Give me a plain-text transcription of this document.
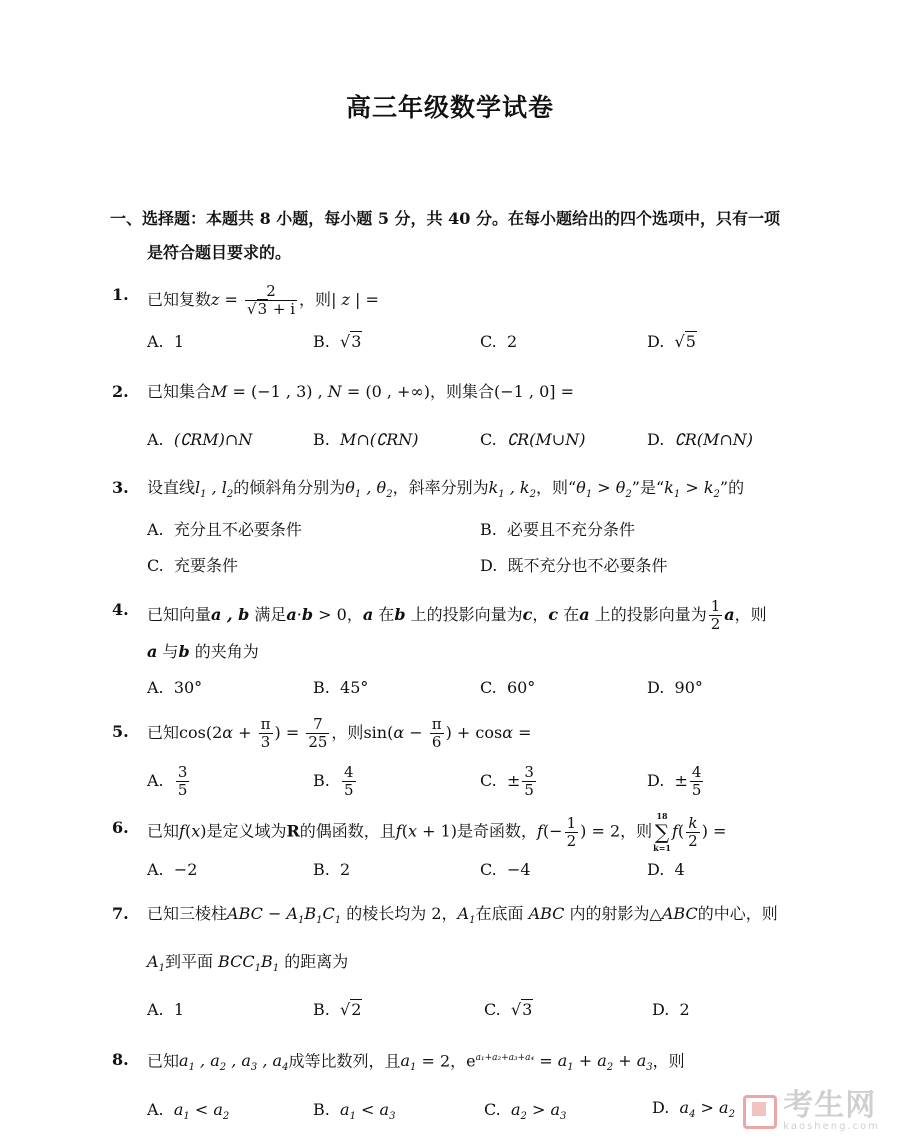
高三年级数学试卷
一、选择题：本题共 8 小题，每小题 5 分，共 40 分。在每小题给出的四个选项中，只有一项
是符合题目要求的。
1. 已知复数$z = \frac{2}{√3 + i}$ ，则| z | =
A. 1	B. √3	C. 2	D. √5
2. 已知集合M = (−1 , 3) , N = (0 , +∞)，则集合(−1 , 0] =
A. (∁RM)∩N	B. M∩(∁RN)	C. ∁R(M∪N)	D. ∁R(M∩N)
3. 设直线$l_1$ , $l_2$的倾斜角分别为$\theta_1$ , $\theta_2$，斜率分别为$k_1$ , $k_2$，则“$\theta_1 > \theta_2$”是“$k_1 > k_2$”的
A. 充分且不必要条件	B. 必要且不充分条件
C. 充要条件	D. 既不充分也不必要条件
4. 已知向量a , b 满足a·b > 0，a 在b 上的投影向量为c，c 在a 上的投影向量为 $\frac{1}{2}$ a，则
a 与b 的夹角为
A. 30°	B. 45°	C. 60°	D. 90°
5. 已知$\cos(2\alpha + \frac{\pi}{3}$ ) = $\frac{7}{25}$ ，则$\sin(\alpha - \frac{\pi}{6}$ ) + cosα =
A. $\frac{3}{5}$	B. $\frac{4}{5}$	C. ± $\frac{3}{5}$	D. ± $\frac{4}{5}$
6. 已知f(x)是定义域为R的偶函数，且f(x + 1)是奇函数，$f(- \frac{1}{2}$ ) = 2，则
18
∑
k=1
$f( \frac{k}{2}$ ) =
A. −2	B. 2	C. −4	D. 4
7. 已知三棱柱ABC − $A_1B_1C_1$ 的棱长均为 2，$A_1$在底面 ABC 内的射影为△ABC的中心，则
$A_1$到平面 $BCC_1B_1$ 的距离为
A. 1	B. √2	C. √3	D. 2
8. 已知$a_1$ , $a_2$ , $a_3$ , $a_4$成等比数列，且$a_1 = 2$，$e^{a_1+a_2+a_3+a_4} = a_1 + a_2 + a_3$，则
A. $a_1 < a_2$	B. $a_1 < a_3$	C. $a_2 > a_3$	D. $a_4 > a_2$ 考生网
kaosheng.com
